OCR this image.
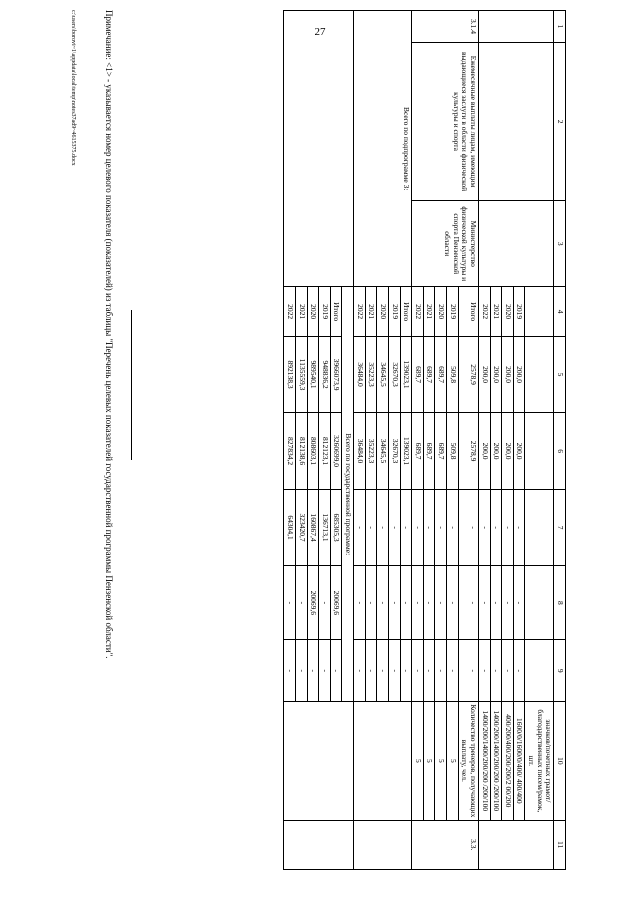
27	1	2	3	4	5	6	7	8	9	10	11
									значков/почетных грамот/ благодарственных писем/рамок, шт.	
			2019	200,0	200,0	-	-	-	1600/0/1600/0/400/ 400/400	
			2020	200,0	200,0	-	-	-	400/200/400/200/200/2 00/200	
			2021	200,0	200,0	-	-	-	1400/200/1400/200/200 /200/100	
			2022	200,0	200,0	-	-	-	1400/200/1400/200/200 /200/100	
3.1.4	Ежемесячные выплаты лицам, имеющим выдающиеся заслуги в области физической культуры и спорта	Министерство физической культуры и спорта Пензенской области	Итого	2578,9	2578,9	-	-	-	Количество тренеров, получающих выплату, чел.	3.3.
			2019	509,8	509,8	-	-	-	5	
			2020	689,7	689,7	-	-	-	5	
			2021	689,7	689,7	-	-	-	5	
			2022	689,7	689,7	-	-	-	5	
Всего по подпрограмме 3:			Итого	139023,1	139023,1	-	-	-		
			2019	32670,3	32670,3	-	-	-		
			2020	34645,5	34645,5	-	-	-		
			2021	35223,3	35223,3	-	-	-		
			2022	36484,0	36484,0	-	-	-		
			Всего по государственной программе:							
			Итого	3966073,9	3260699,0	685305,3	20069,6	-		
			2019	948836,2	812123,1	136713,1	-	-		
			2020	989540,1	808603,1	160867,4	20069,6	-		
			2021	1135559,3	812138,6	323420,7	-	-		
			2022	892138,3	827834,2	64304,1	-	-		
Примечание: <1> - указывается номер целевого показателя (показателей) из таблицы "Перечень целевых показателей государственной программы Пензенской области".
c:\users\borovi~1\appdata\local\temp\notes37ad9~4615375.docx
